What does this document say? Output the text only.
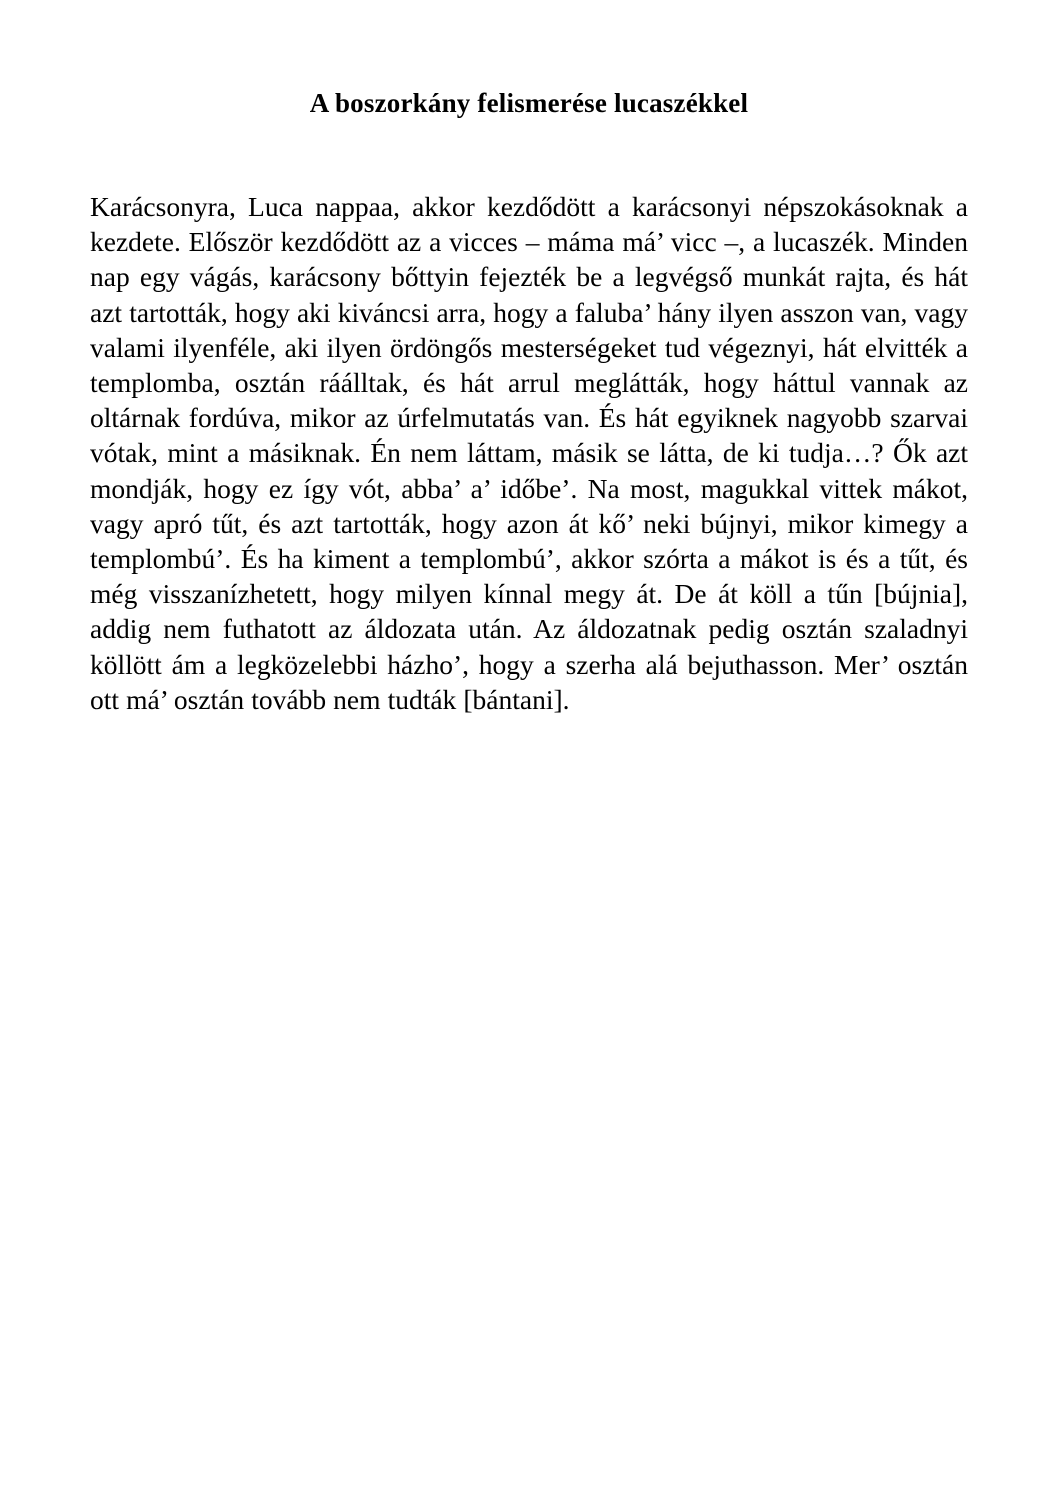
A boszorkány felismerése lucaszékkel

Karácsonyra, Luca nappaa, akkor kezdődött a karácsonyi népszokásoknak a kezdete. Először kezdődött az a vicces – máma má’ vicc –, a lucaszék. Minden nap egy vágás, karácsony bőttyin fejezték be a legvégső munkát rajta, és hát azt tartották, hogy aki kiváncsi arra, hogy a faluba’ hány ilyen asszon van, vagy valami ilyenféle, aki ilyen ördöngős mesterségeket tud végeznyi, hát elvitték a templomba, osztán ráálltak, és hát arrul meglátták, hogy háttul vannak az oltárnak fordúva, mikor az úrfelmutatás van. És hát egyiknek nagyobb szarvai vótak, mint a másiknak. Én nem láttam, másik se látta, de ki tudja…? Ők azt mondják, hogy ez így vót, abba’ a’ időbe’. Na most, magukkal vittek mákot, vagy apró tűt, és azt tartották, hogy azon át kő’ neki bújnyi, mikor kimegy a templombú’. És ha kiment a templombú’, akkor szórta a mákot is és a tűt, és még visszanízhetett, hogy milyen kínnal megy át. De át köll a tűn [bújnia], addig nem futhatott az áldozata után. Az áldozatnak pedig osztán szaladnyi köllött ám a legközelebbi házho’, hogy a szerha alá bejuthasson. Mer’ osztán ott má’ osztán tovább nem tudták [bántani].
